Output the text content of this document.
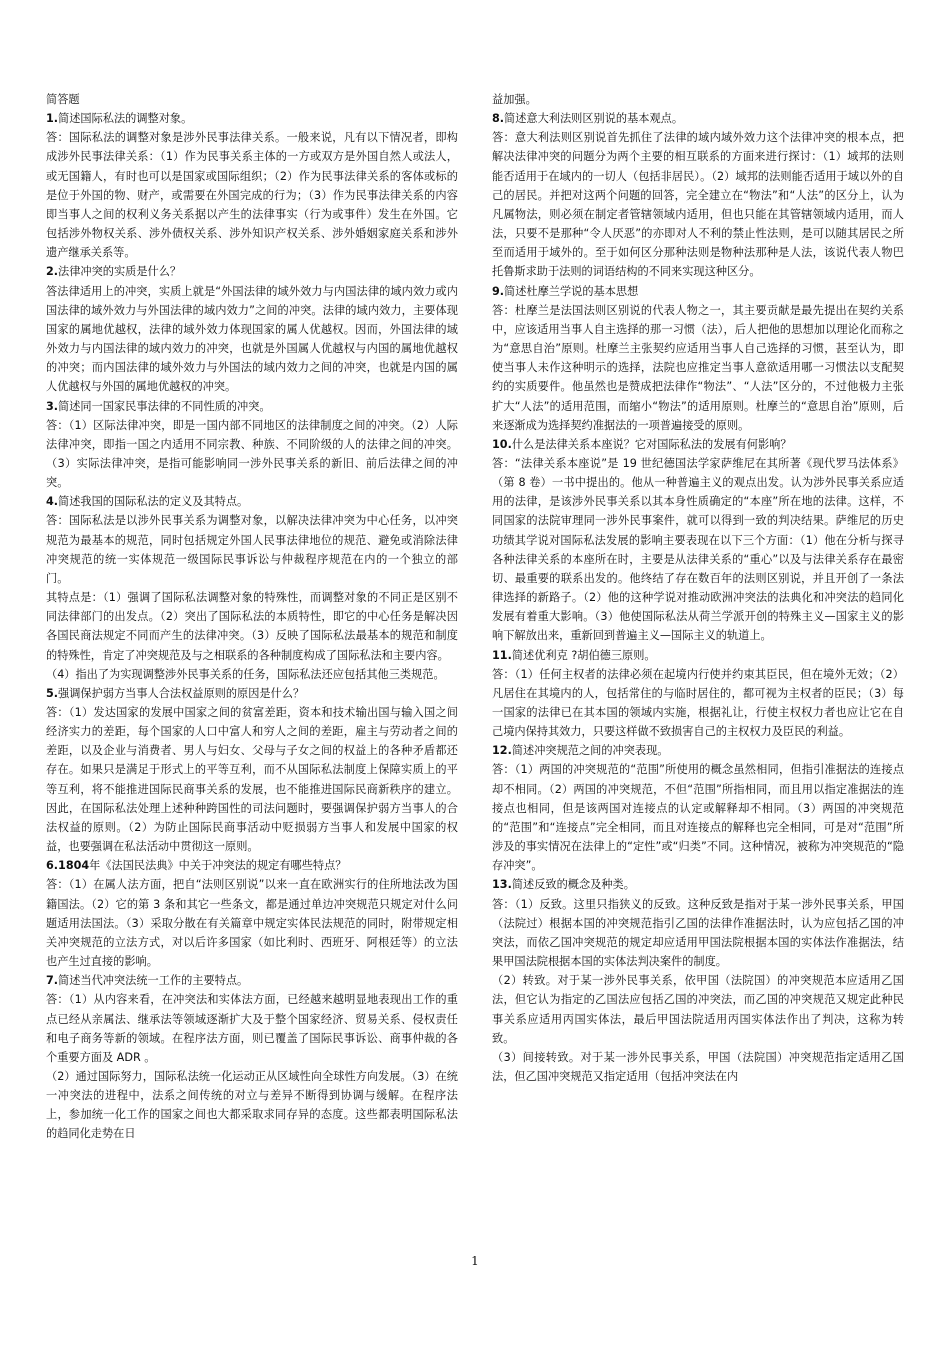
简答题

1.简述国际私法的调整对象。

答：国际私法的调整对象是涉外民事法律关系。一般来说，凡有以下情况者，即构成涉外民事法律关系：（1）作为民事关系主体的一方或双方是外国自然人或法人，或无国籍人，有时也可以是国家或国际组织；（2）作为民事法律关系的客体或标的是位于外国的物、财产，或需要在外国完成的行为；（3）作为民事法律关系的内容即当事人之间的权利义务关系据以产生的法律事实（行为或事件）发生在外国。它包括涉外物权关系、涉外债权关系、涉外知识产权关系、涉外婚姻家庭关系和涉外遗产继承关系等。

2.法律冲突的实质是什么？

答法律适用上的冲突，实质上就是“外国法律的域外效力与内国法律的域内效力或内国法律的域外效力与外国法律的域内效力”之间的冲突。法律的域内效力，主要体现国家的属地优越权，法律的域外效力体现国家的属人优越权。因而，外国法律的域外效力与内国法律的域内效力的冲突，也就是外国属人优越权与内国的属地优越权的冲突；而内国法律的域外效力与外国法的域内效力之间的冲突，也就是内国的属人优越权与外国的属地优越权的冲突。

3.简述同一国家民事法律的不同性质的冲突。

答：（1）区际法律冲突，即是一国内部不同地区的法律制度之间的冲突。（2）人际法律冲突，即指一国之内适用不同宗教、种族、不同阶级的人的法律之间的冲突。（3）实际法律冲突，是指可能影响同一涉外民事关系的新旧、前后法律之间的冲突。

4.简述我国的国际私法的定义及其特点。

答：国际私法是以涉外民事关系为调整对象，以解决法律冲突为中心任务，以冲突规范为最基本的规范，同时包括规定外国人民事法律地位的规范、避免或消除法律冲突规范的统一实体规范一级国际民事诉讼与仲裁程序规范在内的一个独立的部门。

其特点是：（1）强调了国际私法调整对象的特殊性，而调整对象的不同正是区别不同法律部门的出发点。（2）突出了国际私法的本质特性，即它的中心任务是解决因各国民商法规定不同而产生的法律冲突。（3）反映了国际私法最基本的规范和制度的特殊性，肯定了冲突规范及与之相联系的各种制度构成了国际私法和主要内容。

（4）指出了为实现调整涉外民事关系的任务，国际私法还应包括其他三类规范。

5.强调保护弱方当事人合法权益原则的原因是什么？

答：（1）发达国家的发展中国家之间的贫富差距，资本和技术输出国与输入国之间经济实力的差距，每个国家的人口中富人和穷人之间的差距，雇主与劳动者之间的差距，以及企业与消费者、男人与妇女、父母与子女之间的权益上的各种矛盾都还存在。如果只是满足于形式上的平等互利，而不从国际私法制度上保障实质上的平等互利，将不能推进国际民商事关系的发展，也不能推进国际民商新秩序的建立。因此，在国际私法处理上述种种跨国性的司法问题时，要强调保护弱方当事人的合法权益的原则。（2）为防止国际民商事活动中贬损弱方当事人和发展中国家的权益，也要强调在私法活动中贯彻这一原则。

6.1804年《法国民法典》中关于冲突法的规定有哪些特点？

答：（1）在属人法方面，把自“法则区别说”以来一直在欧洲实行的住所地法改为国籍国法。（2）它的第 3 条和其它一些条文，都是通过单边冲突规范只规定对什么问题适用法国法。（3）采取分散在有关篇章中规定实体民法规范的同时，附带规定相关冲突规范的立法方式，对以后许多国家（如比利时、西班牙、阿根廷等）的立法也产生过直接的影响。

7.简述当代冲突法统一工作的主要特点。

答：（1）从内容来看，在冲突法和实体法方面，已经越来越明显地表现出工作的重点已经从亲属法、继承法等领域逐渐扩大及于整个国家经济、贸易关系、侵权责任和电子商务等新的领域。在程序法方面，则已覆盖了国际民事诉讼、商事仲裁的各个重要方面及 ADR 。

（2）通过国际努力，国际私法统一化运动正从区域性向全球性方向发展。（3）在统一冲突法的进程中，法系之间传统的对立与差异不断得到协调与缓解。在程序法上，参加统一化工作的国家之间也大都采取求同存异的态度。这些都表明国际私法的趋同化走势在日

益加强。

8.简述意大利法则区别说的基本观点。

答：意大利法则区别说首先抓住了法律的域内域外效力这个法律冲突的根本点，把解决法律冲突的问题分为两个主要的相互联系的方面来进行探讨：（1）域邦的法则能否适用于在域内的一切人（包括非居民）。（2）域邦的法则能否适用于域以外的自己的居民。并把对这两个问题的回答，完全建立在“物法”和“人法”的区分上，认为凡属物法，则必须在制定者管辖领域内适用，但也只能在其管辖领域内适用，而人法，只要不是那种“令人厌恶”的亦即对人不利的禁止性法则，是可以随其居民之所至而适用于域外的。至于如何区分那种法则是物种法那种是人法，该说代表人物巴托鲁斯求助于法则的词语结构的不同来实现这种区分。

9.简述杜摩兰学说的基本思想

答：杜摩兰是法国法则区别说的代表人物之一，其主要贡献是最先提出在契约关系中，应该适用当事人自主选择的那一习惯（法），后人把他的思想加以理论化而称之为“意思自治”原则。杜摩兰主张契约应适用当事人自己选择的习惯，甚至认为，即使当事人未作这种明示的选择，法院也应推定当事人意欲适用哪一习惯法以支配契约的实质要件。他虽然也是赞成把法律作“物法”、“人法”区分的，不过他极力主张扩大“人法”的适用范围，而缩小“物法”的适用原则。杜摩兰的“意思自治”原则，后来逐渐成为选择契约准据法的一项普遍接受的原则。

10.什么是法律关系本座说？它对国际私法的发展有何影响？

答：“法律关系本座说”是 19 世纪德国法学家萨维尼在其所著《现代罗马法体系》（第 8 卷）一书中提出的。他从一种普遍主义的观点出发。认为涉外民事关系应适用的法律，是该涉外民事关系以其本身性质确定的“本座”所在地的法律。这样，不同国家的法院审理同一涉外民事案件，就可以得到一致的判决结果。萨维尼的历史功绩其学说对国际私法发展的影响主要表现在以下三个方面：（1）他在分析与探寻各种法律关系的本座所在时，主要是从法律关系的“重心”以及与法律关系存在最密切、最重要的联系出发的。他终结了存在数百年的法则区别说，并且开创了一条法律选择的新路子。（2）他的这种学说对推动欧洲冲突法的法典化和冲突法的趋同化发展有着重大影响。（3）他使国际私法从荷兰学派开创的特殊主义—国家主义的影响下解放出来，重新回到普遍主义—国际主义的轨道上。

11.简述优利克 ?胡伯德三原则。

答：（1）任何主权者的法律必须在起境内行使并约束其臣民，但在境外无效；（2）凡居住在其境内的人，包括常住的与临时居住的，都可视为主权者的臣民；（3）每一国家的法律已在其本国的领域内实施，根据礼让，行使主权权力者也应让它在自己境内保持其效力，只要这样做不致损害自己的主权权力及臣民的利益。

12.简述冲突规范之间的冲突表现。

答：（1）两国的冲突规范的“范围”所使用的概念虽然相同，但指引准据法的连接点却不相同。（2）两国的冲突规范，不但“范围”所指相同，而且用以指定准据法的连接点也相同，但是该两国对连接点的认定或解释却不相同。（3）两国的冲突规范的“范围”和“连接点”完全相同，而且对连接点的解释也完全相同，可是对“范围”所涉及的事实情况在法律上的“定性”或“归类”不同。这种情况，被称为冲突规范的“隐存冲突”。

13.简述反致的概念及种类。

答：（1）反致。这里只指狭义的反致。这种反致是指对于某一涉外民事关系，甲国（法院过）根据本国的冲突规范指引乙国的法律作准据法时，认为应包括乙国的冲突法，而依乙国冲突规范的规定却应适用甲国法院根据本国的实体法作准据法，结果甲国法院根据本国的实体法判决案件的制度。

（2）转致。对于某一涉外民事关系，依甲国（法院国）的冲突规范本应适用乙国法，但它认为指定的乙国法应包括乙国的冲突法，而乙国的冲突规范又规定此种民事关系应适用丙国实体法，最后甲国法院适用丙国实体法作出了判决，这称为转致。

（3）间接转致。对于某一涉外民事关系，甲国（法院国）冲突规范指定适用乙国法，但乙国冲突规范又指定适用（包括冲突法在内

1
